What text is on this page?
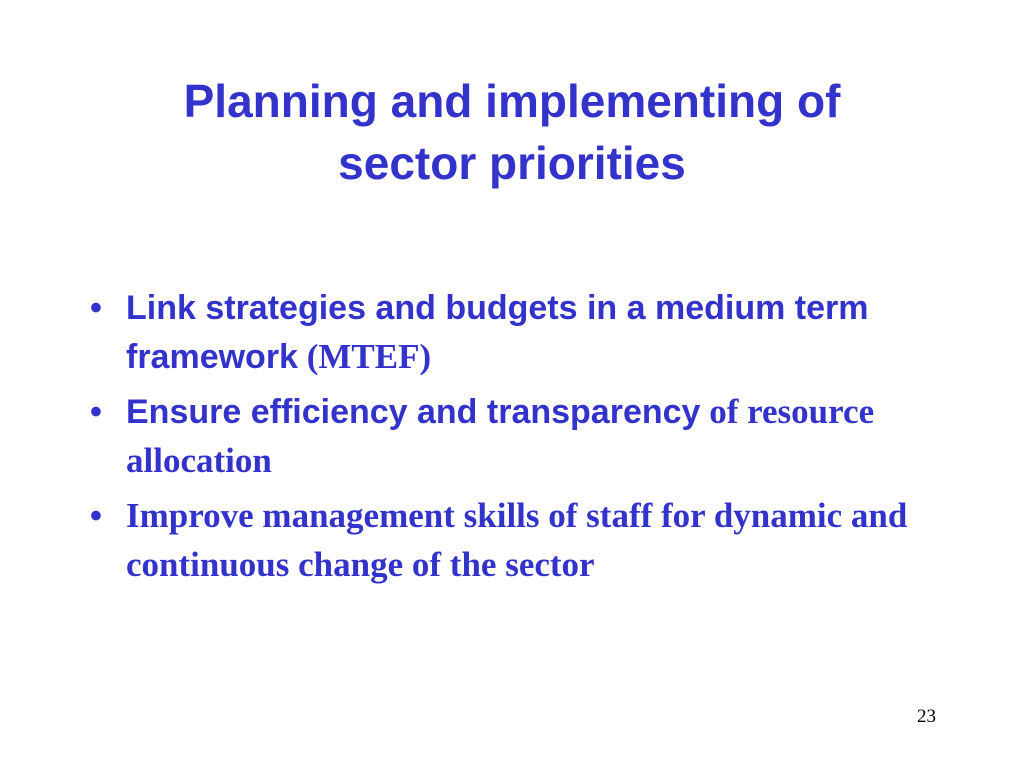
Planning and implementing of
sector priorities
• Link strategies and budgets in a medium term framework (MTEF)
• Ensure efficiency and transparency of resource allocation
• Improve management skills of staff for dynamic and continuous change of the sector
23
